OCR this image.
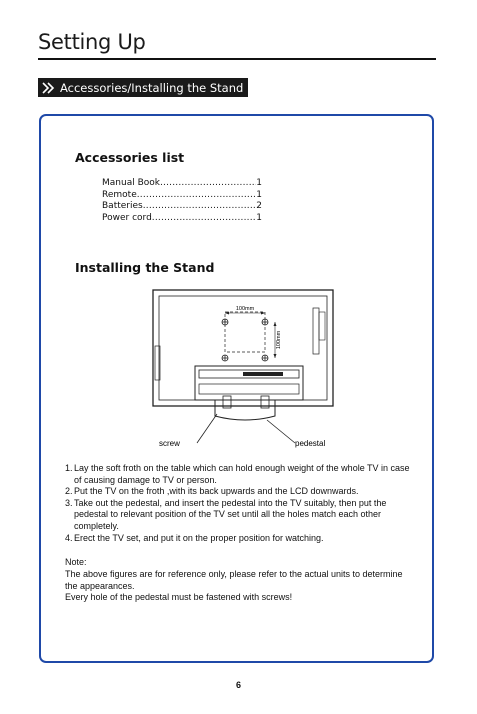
Setting Up
Accessories/Installing the Stand
Accessories list
Manual Book .....	1
Remote .....	1
Batteries .....	2
Power cord .....	1
Installing the Stand
100mm
100mm
screw	pedestal
1. Lay the soft froth on the table which can hold enough weight of the whole TV in case of causing damage to TV or person.
2. Put the TV on the froth ,with its back upwards and the LCD downwards.
3. Take out the pedestal, and insert the pedestal into the TV suitably, then put the pedestal to relevant position of the TV set until all the holes match each other completely.
4. Erect the TV set, and put it on the proper position for watching.
Note:
The above figures are for reference only, please refer to the actual units to determine the appearances.
Every hole of the pedestal must be fastened with screws!
6
